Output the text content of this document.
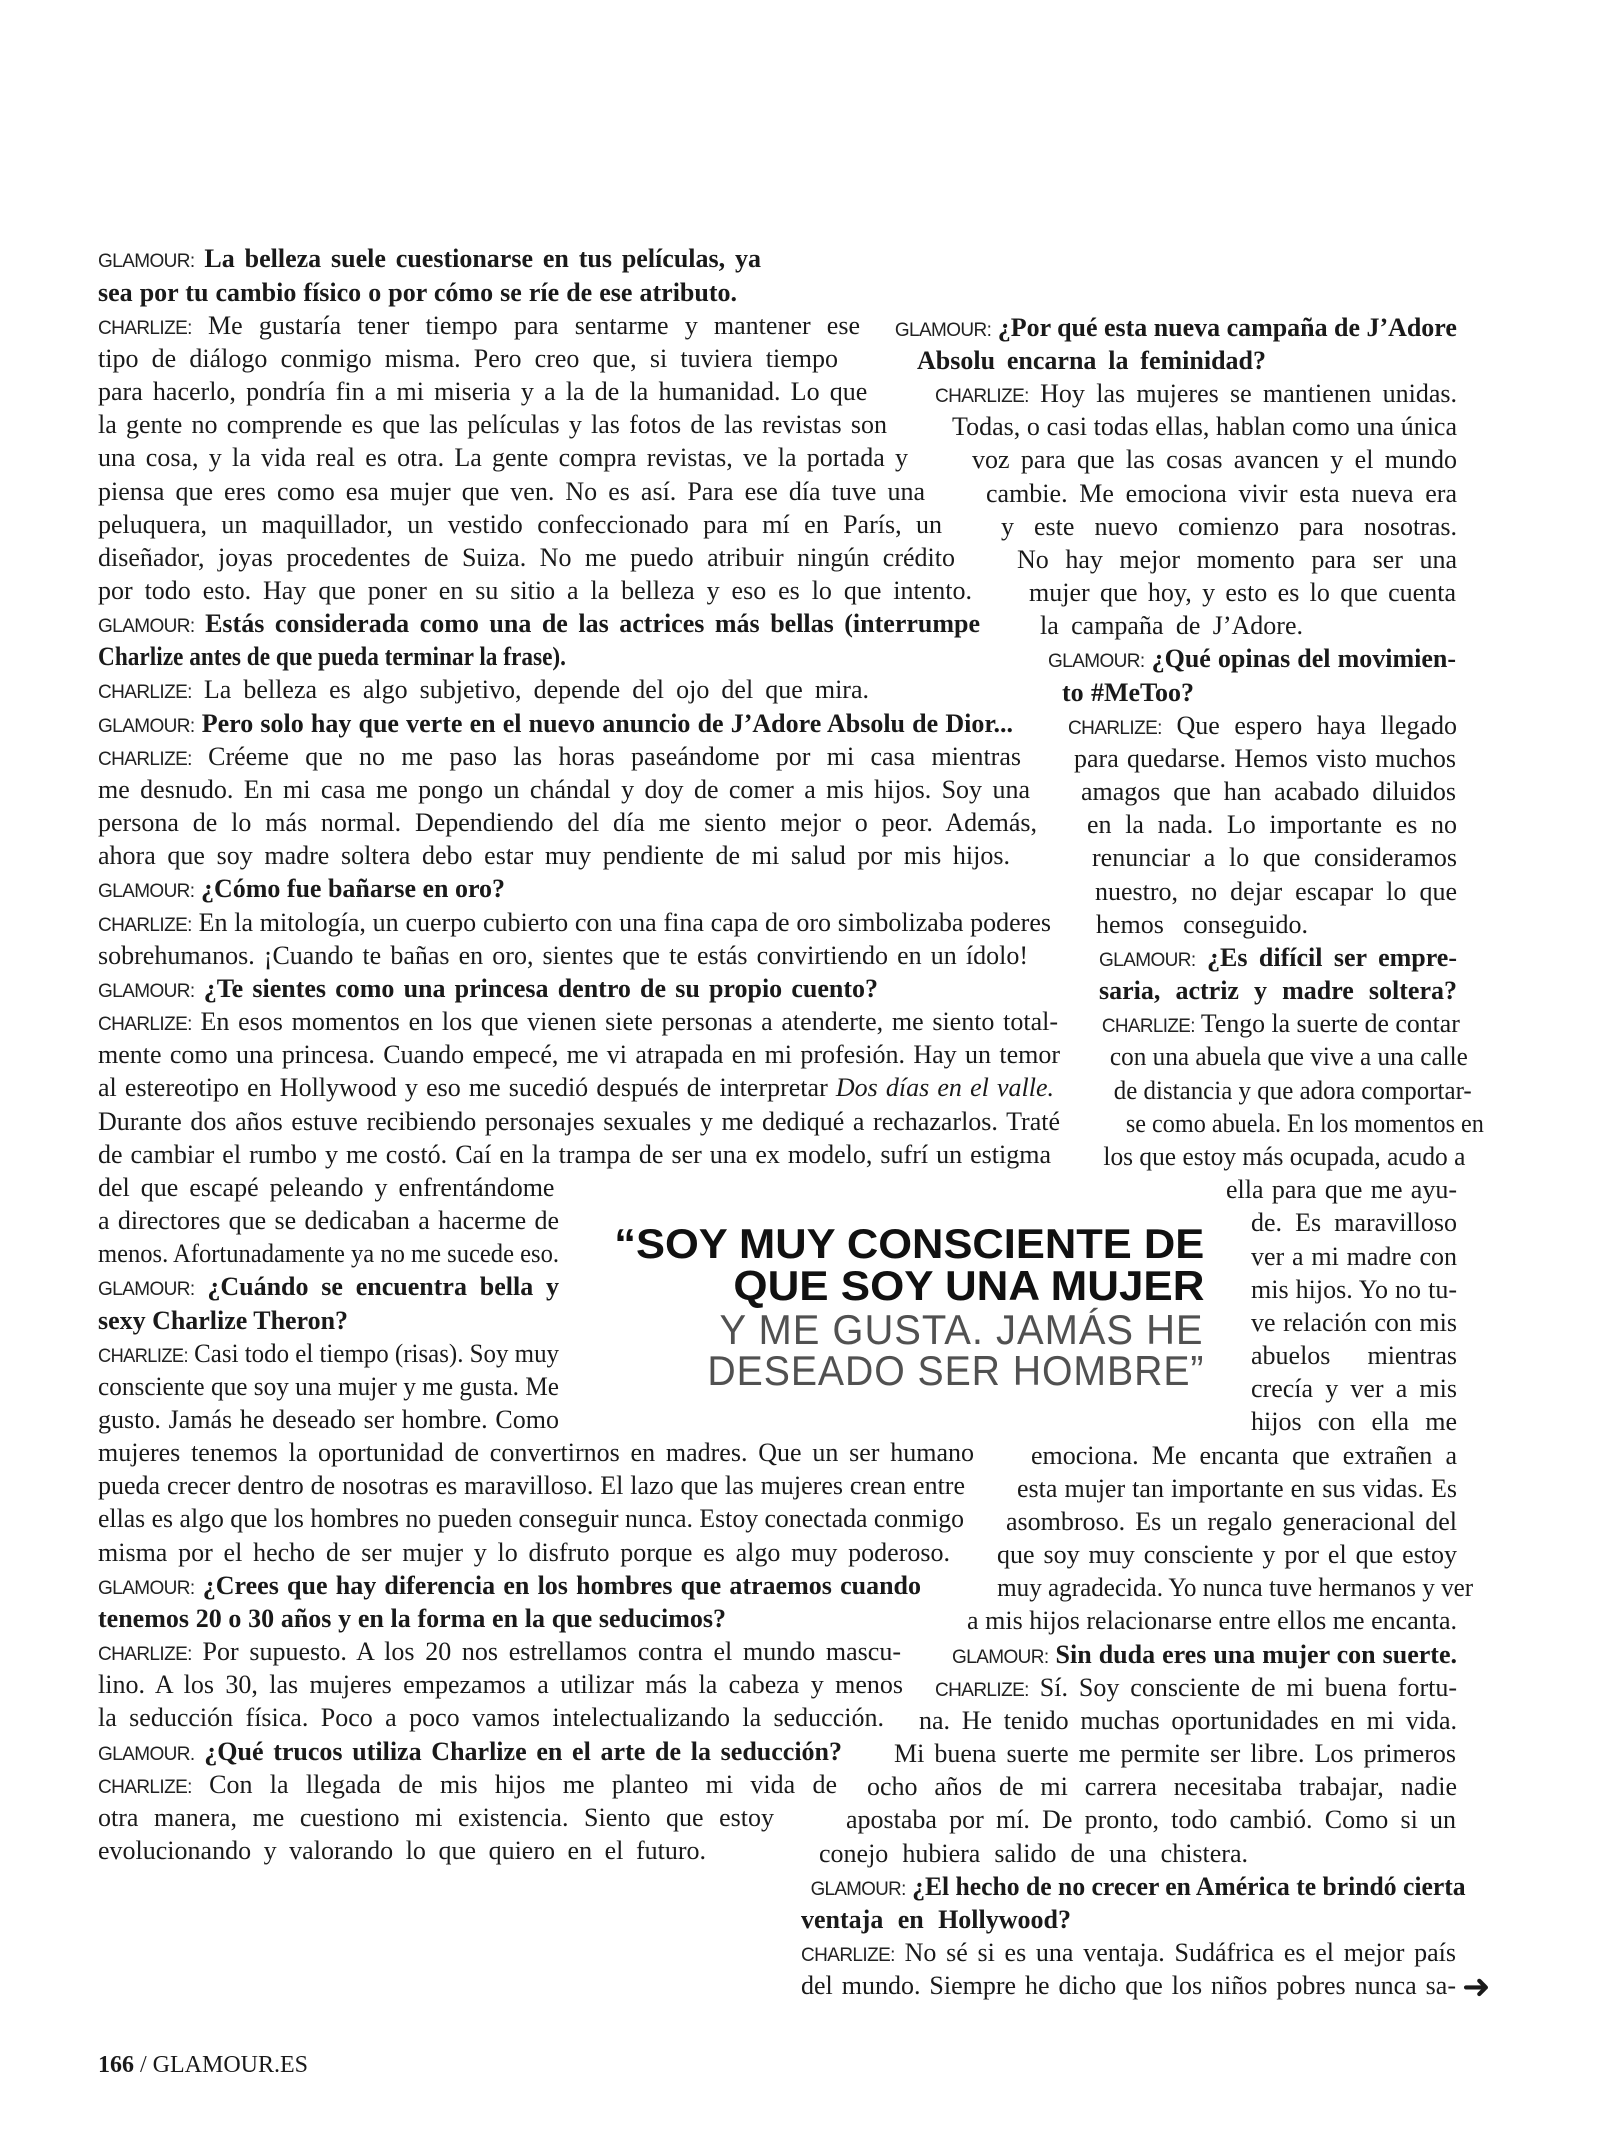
GLAMOUR: La belleza suele cuestionarse en tus películas, ya
sea por tu cambio físico o por cómo se ríe de ese atributo.
CHARLIZE: Me gustaría tener tiempo para sentarme y mantener ese
tipo de diálogo conmigo misma. Pero creo que, si tuviera tiempo
para hacerlo, pondría fin a mi miseria y a la de la humanidad. Lo que
la gente no comprende es que las películas y las fotos de las revistas son
una cosa, y la vida real es otra. La gente compra revistas, ve la portada y
piensa que eres como esa mujer que ven. No es así. Para ese día tuve una
peluquera, un maquillador, un vestido confeccionado para mí en París, un
diseñador, joyas procedentes de Suiza. No me puedo atribuir ningún crédito
por todo esto. Hay que poner en su sitio a la belleza y eso es lo que intento.
GLAMOUR: Estás considerada como una de las actrices más bellas (interrumpe
Charlize antes de que pueda terminar la frase).
CHARLIZE: La belleza es algo subjetivo, depende del ojo del que mira.
GLAMOUR: Pero solo hay que verte en el nuevo anuncio de J’Adore Absolu de Dior...
CHARLIZE: Créeme que no me paso las horas paseándome por mi casa mientras
me desnudo. En mi casa me pongo un chándal y doy de comer a mis hijos. Soy una
persona de lo más normal. Dependiendo del día me siento mejor o peor. Además,
ahora que soy madre soltera debo estar muy pendiente de mi salud por mis hijos.
GLAMOUR: ¿Cómo fue bañarse en oro?
CHARLIZE: En la mitología, un cuerpo cubierto con una fina capa de oro simbolizaba poderes
sobrehumanos. ¡Cuando te bañas en oro, sientes que te estás convirtiendo en un ídolo!
GLAMOUR: ¿Te sientes como una princesa dentro de su propio cuento?
CHARLIZE: En esos momentos en los que vienen siete personas a atenderte, me siento total-
mente como una princesa. Cuando empecé, me vi atrapada en mi profesión. Hay un temor
al estereotipo en Hollywood y eso me sucedió después de interpretar Dos días en el valle.
Durante dos años estuve recibiendo personajes sexuales y me dediqué a rechazarlos. Traté
de cambiar el rumbo y me costó. Caí en la trampa de ser una ex modelo, sufrí un estigma
del que escapé peleando y enfrentándome
a directores que se dedicaban a hacerme de
menos. Afortunadamente ya no me sucede eso.
GLAMOUR: ¿Cuándo se encuentra bella y
sexy Charlize Theron?
CHARLIZE: Casi todo el tiempo (risas). Soy muy
consciente que soy una mujer y me gusta. Me
gusto. Jamás he deseado ser hombre. Como
mujeres tenemos la oportunidad de convertirnos en madres. Que un ser humano
pueda crecer dentro de nosotras es maravilloso. El lazo que las mujeres crean entre
ellas es algo que los hombres no pueden conseguir nunca. Estoy conectada conmigo
misma por el hecho de ser mujer y lo disfruto porque es algo muy poderoso.
GLAMOUR: ¿Crees que hay diferencia en los hombres que atraemos cuando
tenemos 20 o 30 años y en la forma en la que seducimos?
CHARLIZE: Por supuesto. A los 20 nos estrellamos contra el mundo mascu-
lino. A los 30, las mujeres empezamos a utilizar más la cabeza y menos
la seducción física. Poco a poco vamos intelectualizando la seducción.
GLAMOUR. ¿Qué trucos utiliza Charlize en el arte de la seducción?
CHARLIZE: Con la llegada de mis hijos me planteo mi vida de
otra manera, me cuestiono mi existencia. Siento que estoy
evolucionando y valorando lo que quiero en el futuro.
GLAMOUR: ¿Por qué esta nueva campaña de J’Adore
Absolu encarna la feminidad?
CHARLIZE: Hoy las mujeres se mantienen unidas.
Todas, o casi todas ellas, hablan como una única
voz para que las cosas avancen y el mundo
cambie. Me emociona vivir esta nueva era
y este nuevo comienzo para nosotras.
No hay mejor momento para ser una
mujer que hoy, y esto es lo que cuenta
la campaña de J’Adore.
GLAMOUR: ¿Qué opinas del movimien-
to #MeToo?
CHARLIZE: Que espero haya llegado
para quedarse. Hemos visto muchos
amagos que han acabado diluidos
en la nada. Lo importante es no
renunciar a lo que consideramos
nuestro, no dejar escapar lo que
hemos conseguido.
GLAMOUR: ¿Es difícil ser empre-
saria, actriz y madre soltera?
CHARLIZE: Tengo la suerte de contar
con una abuela que vive a una calle
de distancia y que adora comportar-
se como abuela. En los momentos en
los que estoy más ocupada, acudo a
ella para que me ayu-
de. Es maravilloso
ver a mi madre con
mis hijos. Yo no tu-
ve relación con mis
abuelos mientras
crecía y ver a mis
hijos con ella me
emociona. Me encanta que extrañen a
esta mujer tan importante en sus vidas. Es
asombroso. Es un regalo generacional del
que soy muy consciente y por el que estoy
muy agradecida. Yo nunca tuve hermanos y ver
a mis hijos relacionarse entre ellos me encanta.
GLAMOUR: Sin duda eres una mujer con suerte.
CHARLIZE: Sí. Soy consciente de mi buena fortu-
na. He tenido muchas oportunidades en mi vida.
Mi buena suerte me permite ser libre. Los primeros
ocho años de mi carrera necesitaba trabajar, nadie
apostaba por mí. De pronto, todo cambió. Como si un
conejo hubiera salido de una chistera.
GLAMOUR: ¿El hecho de no crecer en América te brindó cierta
ventaja en Hollywood?
CHARLIZE: No sé si es una ventaja. Sudáfrica es el mejor país
del mundo. Siempre he dicho que los niños pobres nunca sa-
“SOY MUY CONSCIENTE DE
QUE SOY UNA MUJER
Y ME GUSTA. JAMÁS HE
DESEADO SER HOMBRE”
166 / GLAMOUR.ES
➜
